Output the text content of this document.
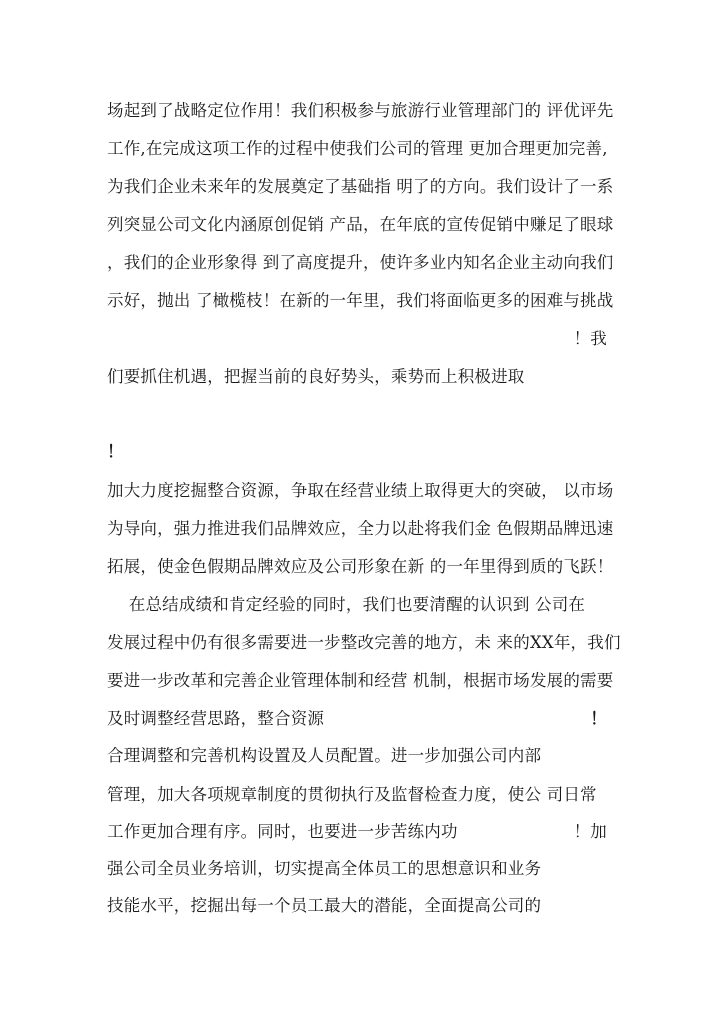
场起到了战略定位作用！我们积极参与旅游行业管理部门的 评优评先
工作,在完成这项工作的过程中使我们公司的管理 更加合理更加完善,
为我们企业未来年的发展奠定了基础指 明了的方向。我们设计了一系
列突显公司文化内涵原创促销 产品，在年底的宣传促销中赚足了眼球
，我们的企业形象得 到了高度提升，使许多业内知名企业主动向我们
示好，抛出 了橄榄枝！在新的一年里，我们将面临更多的困难与挑战
！我
们要抓住机遇，把握当前的良好势头，乘势而上积极进取
！
加大力度挖掘整合资源，争取在经营业绩上取得更大的突破， 以市场
为导向，强力推进我们品牌效应，全力以赴将我们金 色假期品牌迅速
拓展，使金色假期品牌效应及公司形象在新 的一年里得到质的飞跃！
在总结成绩和肯定经验的同时，我们也要清醒的认识到 公司在
发展过程中仍有很多需要进一步整改完善的地方，未 来的XX年，我们
要进一步改革和完善企业管理体制和经营 机制，根据市场发展的需要
及时调整经营思路，整合资源	！
合理调整和完善机构设置及人员配置。进一步加强公司内部
管理，加大各项规章制度的贯彻执行及监督检查力度，使公 司日常
工作更加合理有序。同时，也要进一步苦练内功	！加
强公司全员业务培训，切实提高全体员工的思想意识和业务
技能水平，挖掘出每一个员工最大的潜能，全面提高公司的
